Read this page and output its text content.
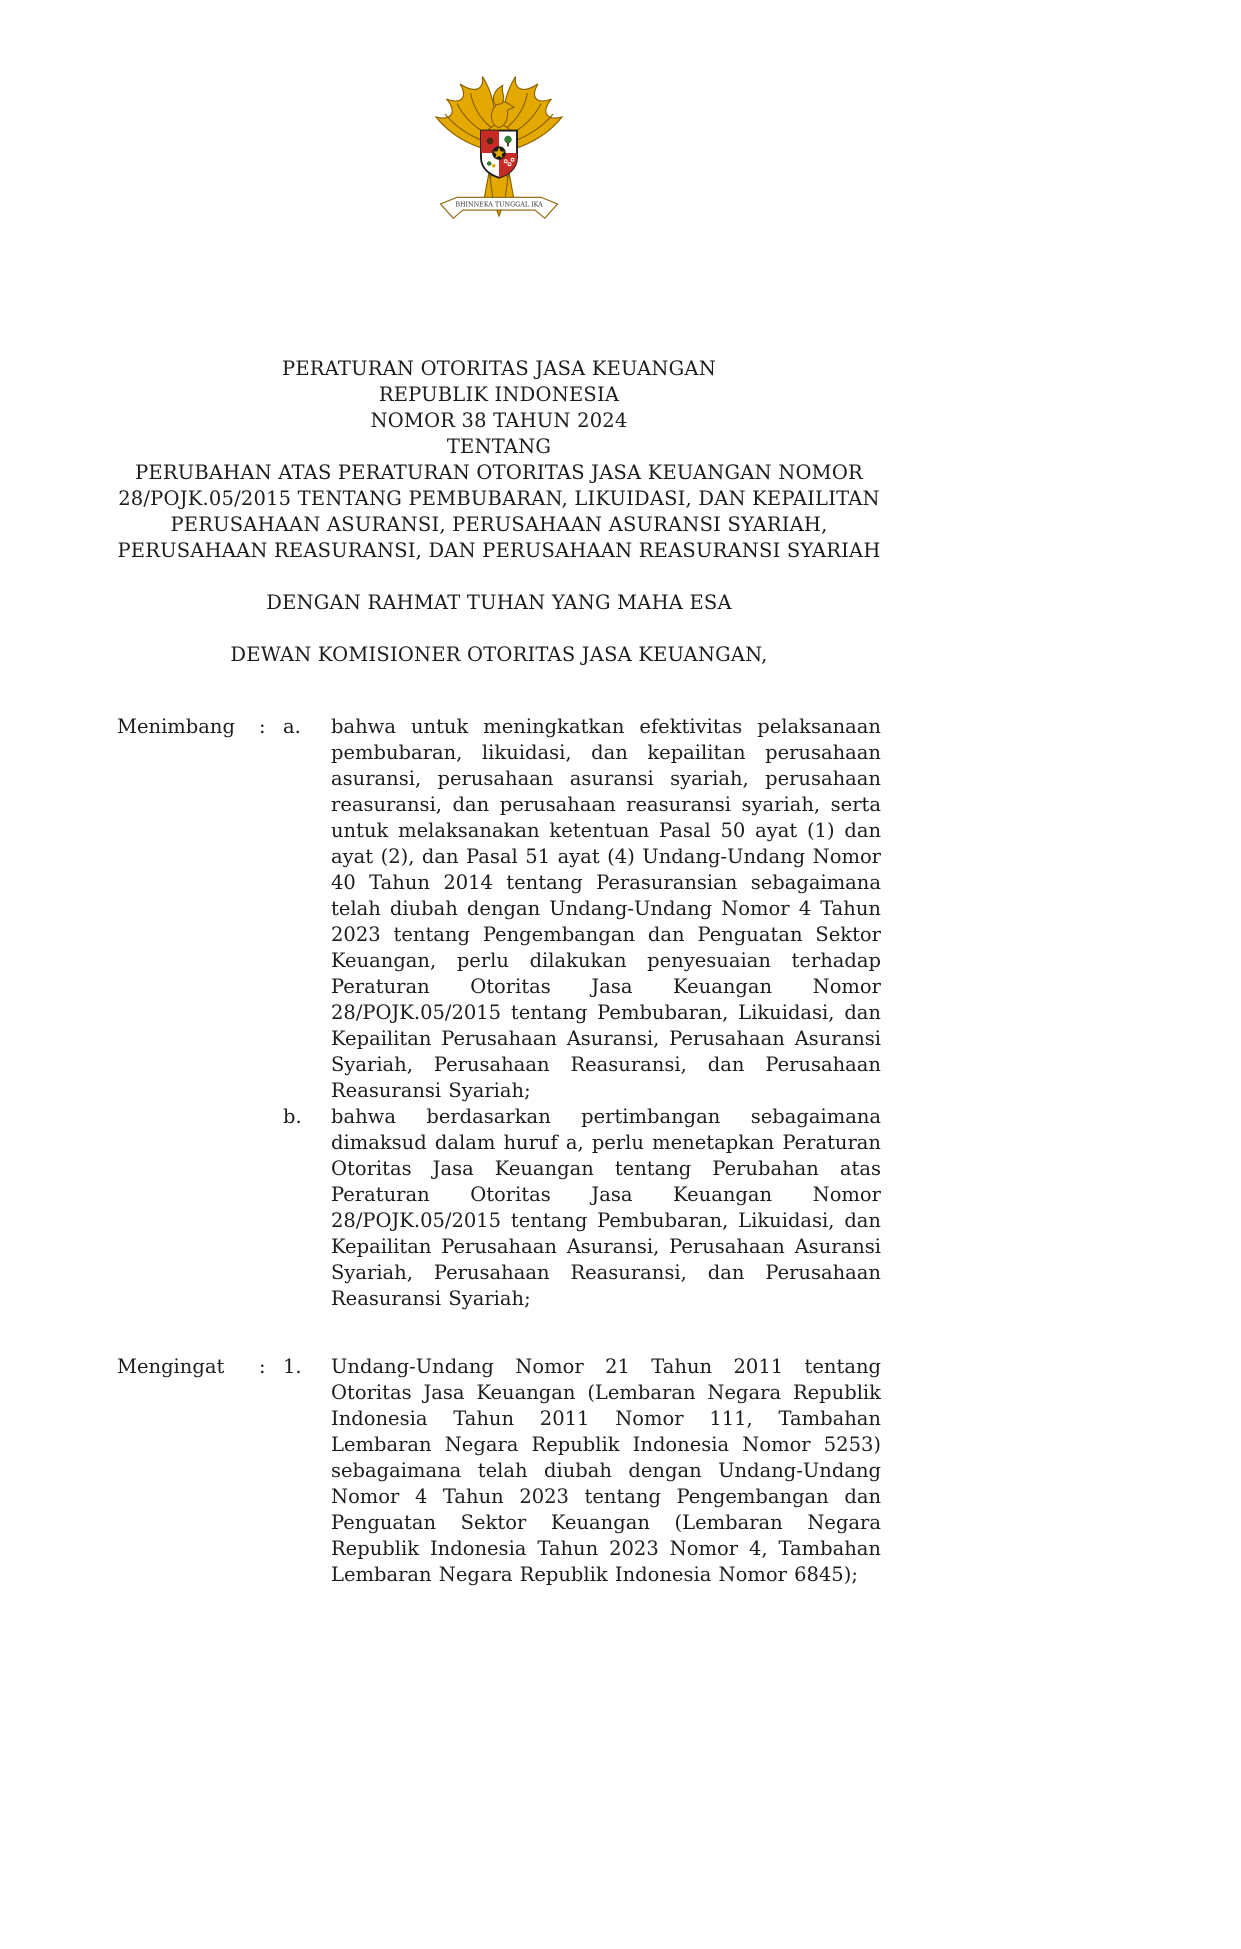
BHINNEKA TUNGGAL IKA
PERATURAN OTORITAS JASA KEUANGAN
REPUBLIK INDONESIA
NOMOR 38 TAHUN 2024
TENTANG
PERUBAHAN ATAS PERATURAN OTORITAS JASA KEUANGAN NOMOR
28/POJK.05/2015 TENTANG PEMBUBARAN, LIKUIDASI, DAN KEPAILITAN
PERUSAHAAN ASURANSI, PERUSAHAAN ASURANSI SYARIAH,
PERUSAHAAN REASURANSI, DAN PERUSAHAAN REASURANSI SYARIAH
DENGAN RAHMAT TUHAN YANG MAHA ESA
DEWAN KOMISIONER OTORITAS JASA KEUANGAN,
Menimbang	: a.	bahwa untuk meningkatkan efektivitas pelaksanaan pembubaran, likuidasi, dan kepailitan perusahaan asuransi, perusahaan asuransi syariah, perusahaan reasuransi, dan perusahaan reasuransi syariah, serta untuk melaksanakan ketentuan Pasal 50 ayat (1) dan ayat (2), dan Pasal 51 ayat (4) Undang-Undang Nomor 40 Tahun 2014 tentang Perasuransian sebagaimana telah diubah dengan Undang-Undang Nomor 4 Tahun 2023 tentang Pengembangan dan Penguatan Sektor Keuangan, perlu dilakukan penyesuaian terhadap Peraturan Otoritas Jasa Keuangan Nomor 28/POJK.05/2015 tentang Pembubaran, Likuidasi, dan Kepailitan Perusahaan Asuransi, Perusahaan Asuransi Syariah, Perusahaan Reasuransi, dan Perusahaan Reasuransi Syariah;
b.	bahwa berdasarkan pertimbangan sebagaimana dimaksud dalam huruf a, perlu menetapkan Peraturan Otoritas Jasa Keuangan tentang Perubahan atas Peraturan Otoritas Jasa Keuangan Nomor 28/POJK.05/2015 tentang Pembubaran, Likuidasi, dan Kepailitan Perusahaan Asuransi, Perusahaan Asuransi Syariah, Perusahaan Reasuransi, dan Perusahaan Reasuransi Syariah;
Mengingat	: 1.	Undang-Undang Nomor 21 Tahun 2011 tentang Otoritas Jasa Keuangan (Lembaran Negara Republik Indonesia Tahun 2011 Nomor 111, Tambahan Lembaran Negara Republik Indonesia Nomor 5253) sebagaimana telah diubah dengan Undang-Undang Nomor 4 Tahun 2023 tentang Pengembangan dan Penguatan Sektor Keuangan (Lembaran Negara Republik Indonesia Tahun 2023 Nomor 4, Tambahan Lembaran Negara Republik Indonesia Nomor 6845);
